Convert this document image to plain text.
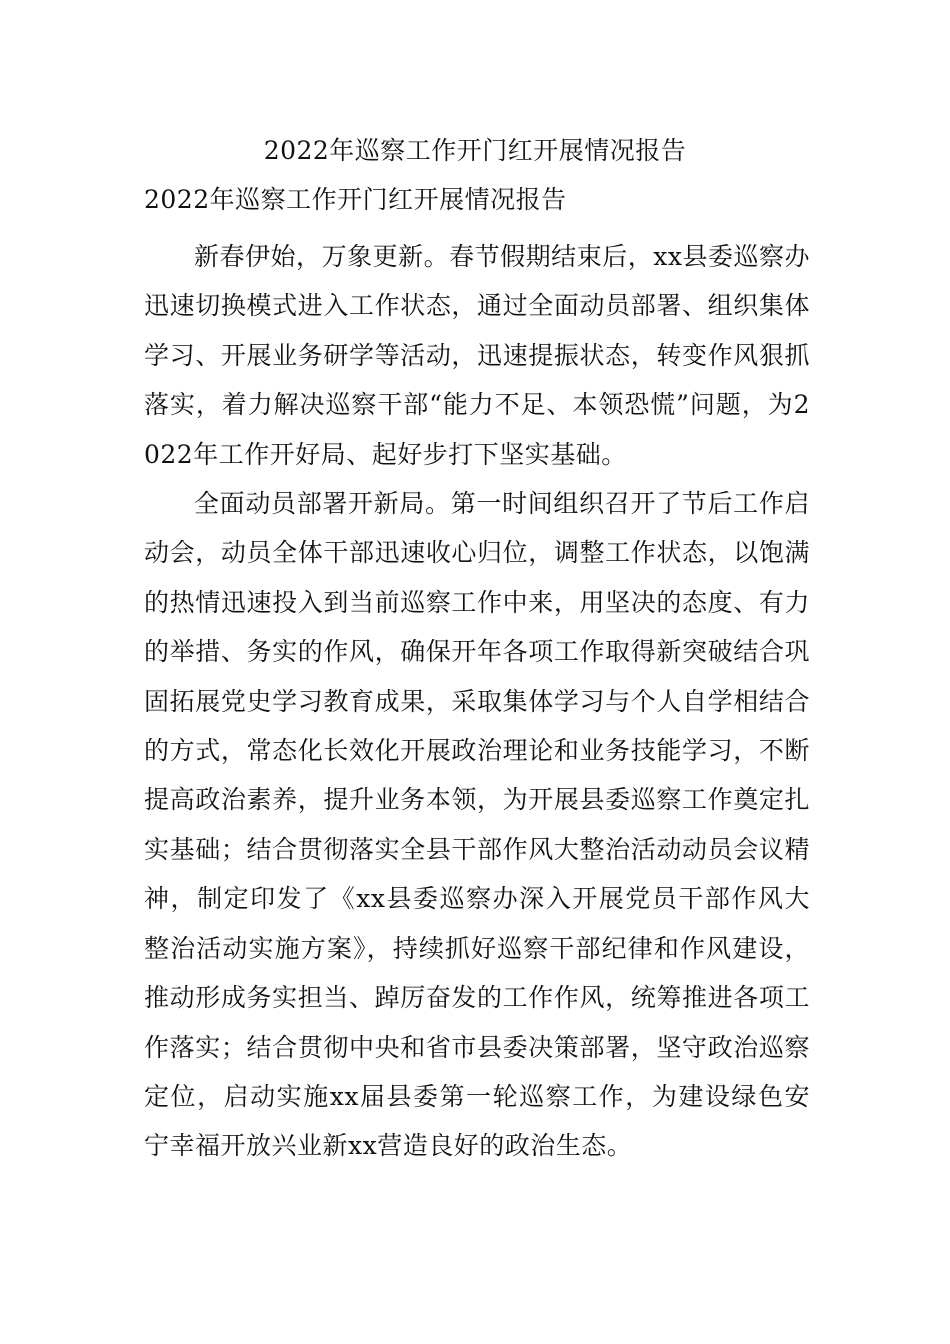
2022年巡察工作开门红开展情况报告
2022年巡察工作开门红开展情况报告

新春伊始，万象更新。春节假期结束后，xx县委巡察办迅速切换模式进入工作状态，通过全面动员部署、组织集体学习、开展业务研学等活动，迅速提振状态，转变作风狠抓落实，着力解决巡察干部“能力不足、本领恐慌”问题，为2022年工作开好局、起好步打下坚实基础。

全面动员部署开新局。第一时间组织召开了节后工作启动会，动员全体干部迅速收心归位，调整工作状态，以饱满的热情迅速投入到当前巡察工作中来，用坚决的态度、有力的举措、务实的作风，确保开年各项工作取得新突破结合巩固拓展党史学习教育成果，采取集体学习与个人自学相结合的方式，常态化长效化开展政治理论和业务技能学习，不断提高政治素养，提升业务本领，为开展县委巡察工作奠定扎实基础；结合贯彻落实全县干部作风大整治活动动员会议精神，制定印发了《xx县委巡察办深入开展党员干部作风大整治活动实施方案》，持续抓好巡察干部纪律和作风建设，推动形成务实担当、踔厉奋发的工作作风，统筹推进各项工作落实；结合贯彻中央和省市县委决策部署，坚守政治巡察定位，启动实施xx届县委第一轮巡察工作，为建设绿色安宁幸福开放兴业新xx营造良好的政治生态。
